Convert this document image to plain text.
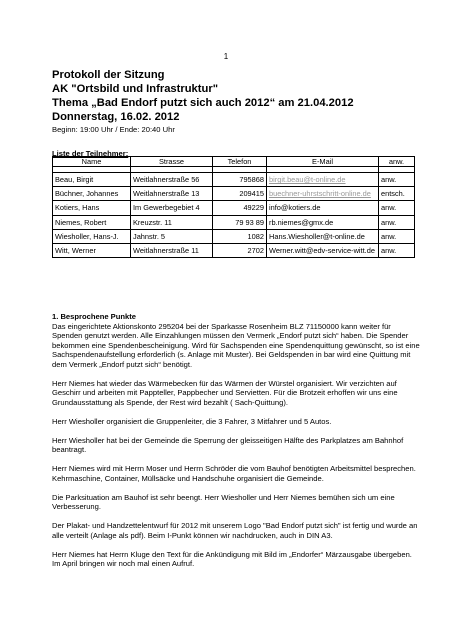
1
Protokoll der Sitzung
AK "Ortsbild und Infrastruktur"
Thema „Bad Endorf putzt sich auch 2012“ am 21.04.2012
Donnerstag, 16.02. 2012
Beginn: 19:00 Uhr / Ende: 20:40 Uhr
Liste der Teilnehmer:
Name	Strasse	Telefon	E-Mail	anw.

Beau, Birgit	Weitlahnerstraße 56	795868	birgit.beau@t-online.de	anw.
Büchner, Johannes	Weitlahnerstraße 13	209415	buechner-uhrstschritt-online.de	entsch.
Kotiers, Hans	Im Gewerbegebiet 4	49229	info@kotiers.de	anw.
Niemes, Robert	Kreuzstr. 11	79 93 89	rb.niemes@gmx.de	anw.
Wiesholler, Hans-J.	Jahnstr. 5	1082	Hans.Wiesholler@t-online.de	anw.
Witt, Werner	Weitlahnerstraße 11	2702	Werner.witt@edv-service-witt.de	anw.
1. Besprochene Punkte

Das eingerichtete Aktionskonto 295204 bei der Sparkasse Rosenheim BLZ 71150000 kann weiter für Spenden genutzt werden. Alle Einzahlungen müssen den Vermerk „Endorf putzt sich“ haben. Die Spender bekommen eine Spendenbescheinigung. Wird für Sachspenden eine Spendenquittung gewünscht, so ist eine Sachspendenaufstellung erforderlich (s. Anlage mit Muster). Bei Geldspenden in bar wird eine Quittung mit dem Vermerk „Endorf putzt sich“ benötigt.

Herr Niemes hat wieder das Wärmebecken für das Wärmen der Würstel organisiert. Wir verzichten auf Geschirr und arbeiten mit Pappteller, Pappbecher und Servietten. Für die Brotzeit erhoffen wir uns eine Grundausstattung als Spende, der Rest wird bezahlt ( Sach-Quittung).

Herr Wiesholler organisiert die Gruppenleiter, die 3 Fahrer, 3 Mitfahrer und 5 Autos.

Herr Wiesholler hat bei der Gemeinde die Sperrung der gleisseitigen Hälfte des Parkplatzes am Bahnhof beantragt.

Herr Niemes wird mit Herrn Moser und Herrn Schröder die vom Bauhof benötigten Arbeitsmittel besprechen. Kehrmaschine, Container, Müllsäcke und Handschuhe organisiert die Gemeinde.

Die Parksituation am Bauhof ist sehr beengt. Herr Wiesholler und Herr Niemes bemühen sich um eine Verbesserung.

Der Plakat- und Handzettelentwurf für 2012 mit unserem Logo "Bad Endorf putzt sich" ist fertig und wurde an alle verteilt (Anlage als pdf). Beim I-Punkt können wir nachdrucken, auch in DIN A3.

Herr Niemes hat Herrn Kluge den Text für die Ankündigung mit Bild im „Endorfer“ Märzausgabe übergeben. Im April bringen wir noch mal einen Aufruf.
